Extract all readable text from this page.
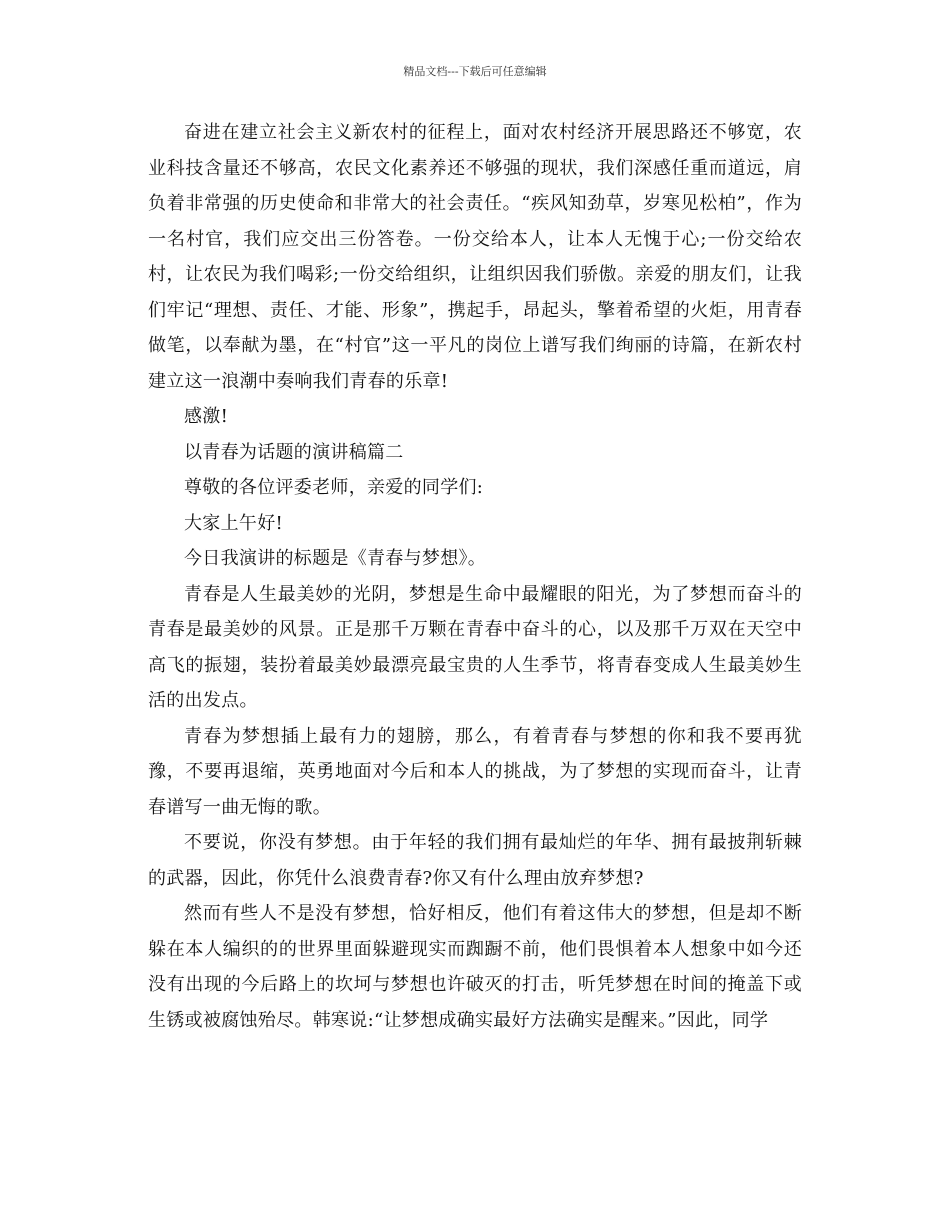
精品文档---下载后可任意编辑

奋进在建立社会主义新农村的征程上，面对农村经济开展思路还不够宽，农业科技含量还不够高，农民文化素养还不够强的现状，我们深感任重而道远，肩负着非常强的历史使命和非常大的社会责任。“疾风知劲草，岁寒见松柏”，作为一名村官，我们应交出三份答卷。一份交给本人，让本人无愧于心;一份交给农村，让农民为我们喝彩;一份交给组织，让组织因我们骄傲。亲爱的朋友们，让我们牢记“理想、责任、才能、形象”，携起手，昂起头，擎着希望的火炬，用青春做笔，以奉献为墨，在“村官”这一平凡的岗位上谱写我们绚丽的诗篇，在新农村建立这一浪潮中奏响我们青春的乐章!

感激!

以青春为话题的演讲稿篇二

尊敬的各位评委老师，亲爱的同学们:

大家上午好!

今日我演讲的标题是《青春与梦想》。

青春是人生最美妙的光阴，梦想是生命中最耀眼的阳光，为了梦想而奋斗的青春是最美妙的风景。正是那千万颗在青春中奋斗的心，以及那千万双在天空中高飞的振翅，装扮着最美妙最漂亮最宝贵的人生季节，将青春变成人生最美妙生活的出发点。

青春为梦想插上最有力的翅膀，那么，有着青春与梦想的你和我不要再犹豫，不要再退缩，英勇地面对今后和本人的挑战，为了梦想的实现而奋斗，让青春谱写一曲无悔的歌。

不要说，你没有梦想。由于年轻的我们拥有最灿烂的年华、拥有最披荆斩棘的武器，因此，你凭什么浪费青春?你又有什么理由放弃梦想?

然而有些人不是没有梦想，恰好相反，他们有着这伟大的梦想，但是却不断躲在本人编织的的世界里面躲避现实而踟蹰不前，他们畏惧着本人想象中如今还没有出现的今后路上的坎坷与梦想也许破灭的打击，听凭梦想在时间的掩盖下或生锈或被腐蚀殆尽。韩寒说:“让梦想成确实最好方法确实是醒来。”因此，同学
